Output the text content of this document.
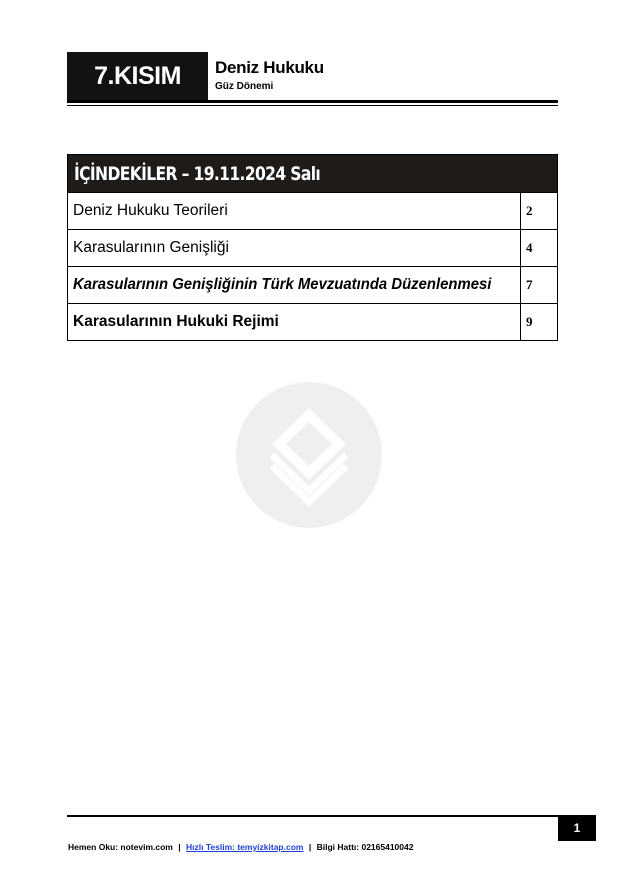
7.KISIM	Deniz Hukuku
Güz Dönemi
İÇİNDEKİLER – 19.11.2024 Salı
Deniz Hukuku Teorileri	2
Karasularının Genişliği	4
Karasularının Genişliğinin Türk Mevzuatında Düzenlenmesi	7
Karasularının Hukuki Rejimi	9
1
Hemen Oku: notevim.com | Hızlı Teslim: temyizkitap.com | Bilgi Hattı: 02165410042
